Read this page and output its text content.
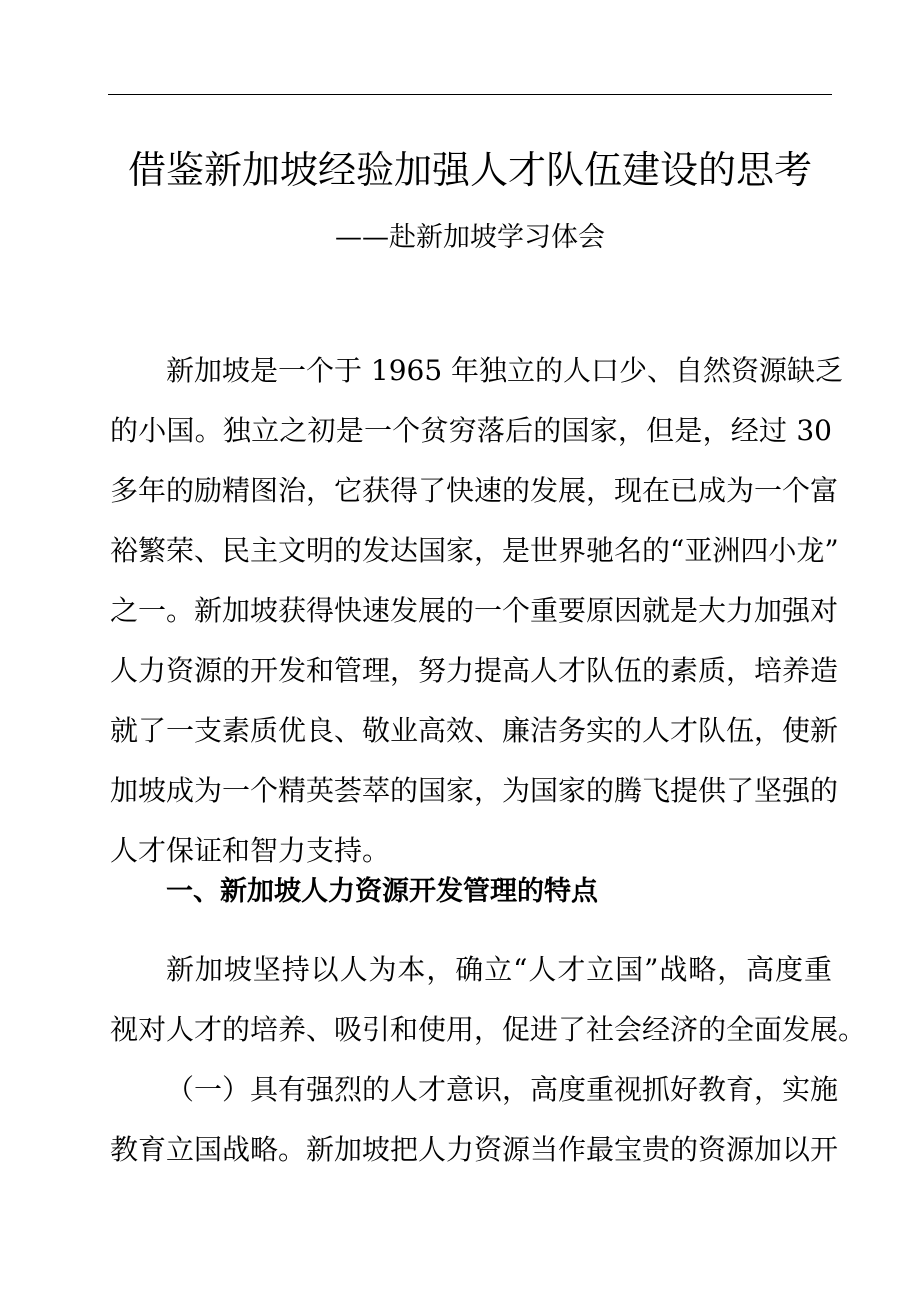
借鉴新加坡经验加强人才队伍建设的思考

——赴新加坡学习体会

新加坡是一个于 1965 年独立的人口少、自然资源缺乏

的小国。独立之初是一个贫穷落后的国家，但是，经过 30

多年的励精图治，它获得了快速的发展，现在已成为一个富

裕繁荣、民主文明的发达国家，是世界驰名的“亚洲四小龙”

之一。新加坡获得快速发展的一个重要原因就是大力加强对

人力资源的开发和管理，努力提高人才队伍的素质，培养造

就了一支素质优良、敬业高效、廉洁务实的人才队伍，使新

加坡成为一个精英荟萃的国家，为国家的腾飞提供了坚强的

人才保证和智力支持。

一、新加坡人力资源开发管理的特点

新加坡坚持以人为本，确立“人才立国”战略，高度重

视对人才的培养、吸引和使用，促进了社会经济的全面发展。

（一）具有强烈的人才意识，高度重视抓好教育，实施

教育立国战略。新加坡把人力资源当作最宝贵的资源加以开
